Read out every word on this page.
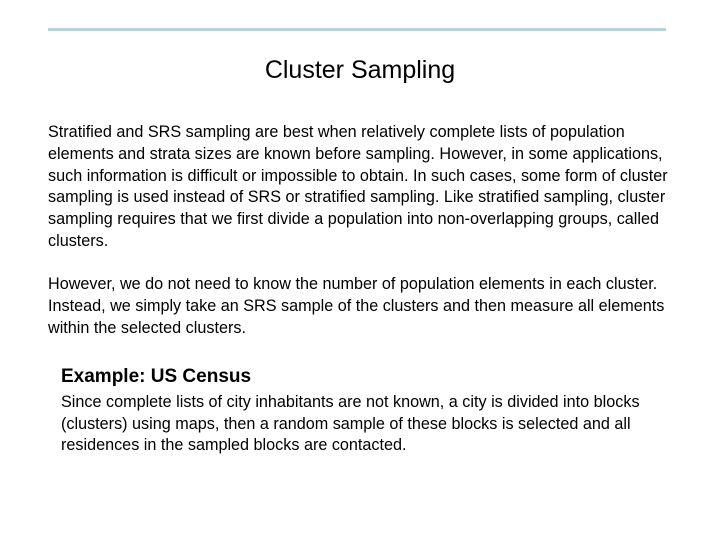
Cluster Sampling

Stratified and SRS sampling are best when relatively complete lists of population elements and strata sizes are known before sampling. However, in some applications, such information is difficult or impossible to obtain. In such cases, some form of cluster sampling is used instead of SRS or stratified sampling. Like stratified sampling, cluster sampling requires that we first divide a population into non-overlapping groups, called clusters.

However, we do not need to know the number of population elements in each cluster. Instead, we simply take an SRS sample of the clusters and then measure all elements within the selected clusters.

Example: US Census

Since complete lists of city inhabitants are not known, a city is divided into blocks (clusters) using maps, then a random sample of these blocks is selected and all residences in the sampled blocks are contacted.
